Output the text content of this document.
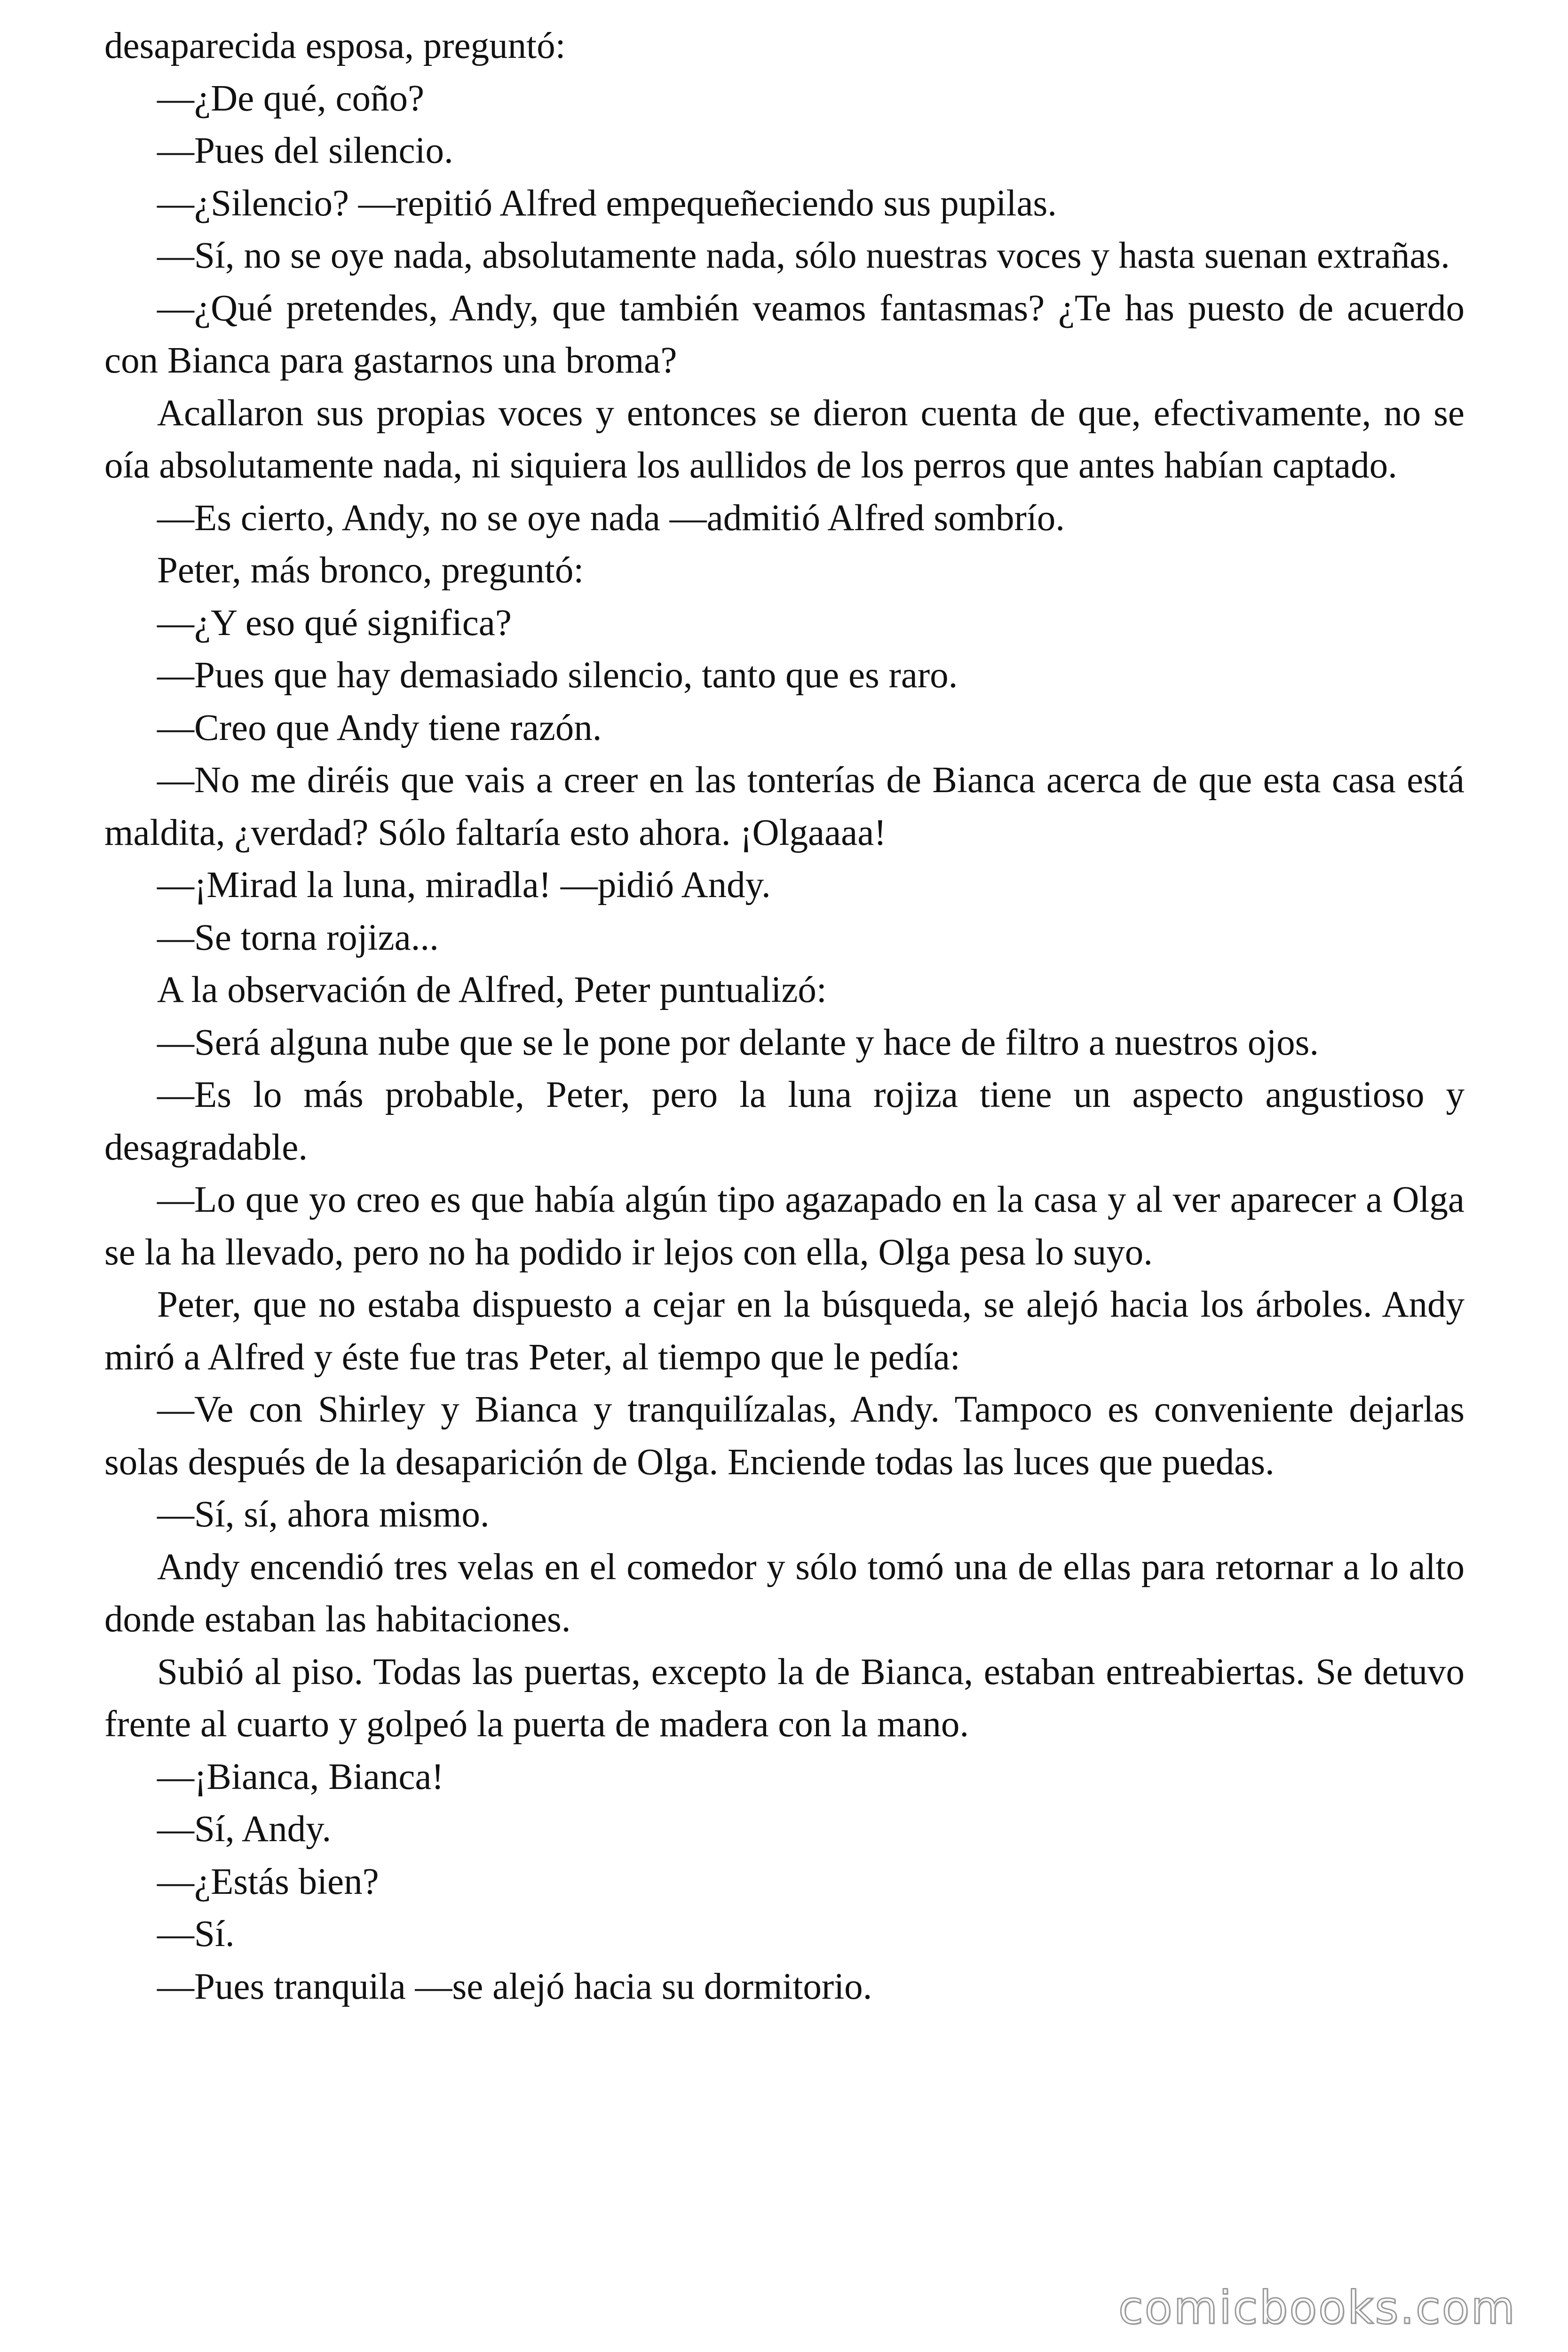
desaparecida esposa, preguntó:

—¿De qué, coño?

—Pues del silencio.

—¿Silencio? —repitió Alfred empequeñeciendo sus pupilas.

—Sí, no se oye nada, absolutamente nada, sólo nuestras voces y hasta suenan extrañas.

—¿Qué pretendes, Andy, que también veamos fantasmas? ¿Te has puesto de acuerdo con Bianca para gastarnos una broma?

Acallaron sus propias voces y entonces se dieron cuenta de que, efectivamente, no se oía absolutamente nada, ni siquiera los aullidos de los perros que antes habían captado.

—Es cierto, Andy, no se oye nada —admitió Alfred sombrío.

Peter, más bronco, preguntó:

—¿Y eso qué significa?

—Pues que hay demasiado silencio, tanto que es raro.

—Creo que Andy tiene razón.

—No me diréis que vais a creer en las tonterías de Bianca acerca de que esta casa está maldita, ¿verdad? Sólo faltaría esto ahora. ¡Olgaaaa!

—¡Mirad la luna, miradla! —pidió Andy.

—Se torna rojiza...

A la observación de Alfred, Peter puntualizó:

—Será alguna nube que se le pone por delante y hace de filtro a nuestros ojos.

—Es lo más probable, Peter, pero la luna rojiza tiene un aspecto angustioso y desagradable.

—Lo que yo creo es que había algún tipo agazapado en la casa y al ver aparecer a Olga se la ha llevado, pero no ha podido ir lejos con ella, Olga pesa lo suyo.

Peter, que no estaba dispuesto a cejar en la búsqueda, se alejó hacia los árboles. Andy miró a Alfred y éste fue tras Peter, al tiempo que le pedía:

—Ve con Shirley y Bianca y tranquilízalas, Andy. Tampoco es conveniente dejarlas solas después de la desaparición de Olga. Enciende todas las luces que puedas.

—Sí, sí, ahora mismo.

Andy encendió tres velas en el comedor y sólo tomó una de ellas para retornar a lo alto donde estaban las habitaciones.

Subió al piso. Todas las puertas, excepto la de Bianca, estaban entreabiertas. Se detuvo frente al cuarto y golpeó la puerta de madera con la mano.

—¡Bianca, Bianca!

—Sí, Andy.

—¿Estás bien?

—Sí.

—Pues tranquila —se alejó hacia su dormitorio.

comicbooks.com
